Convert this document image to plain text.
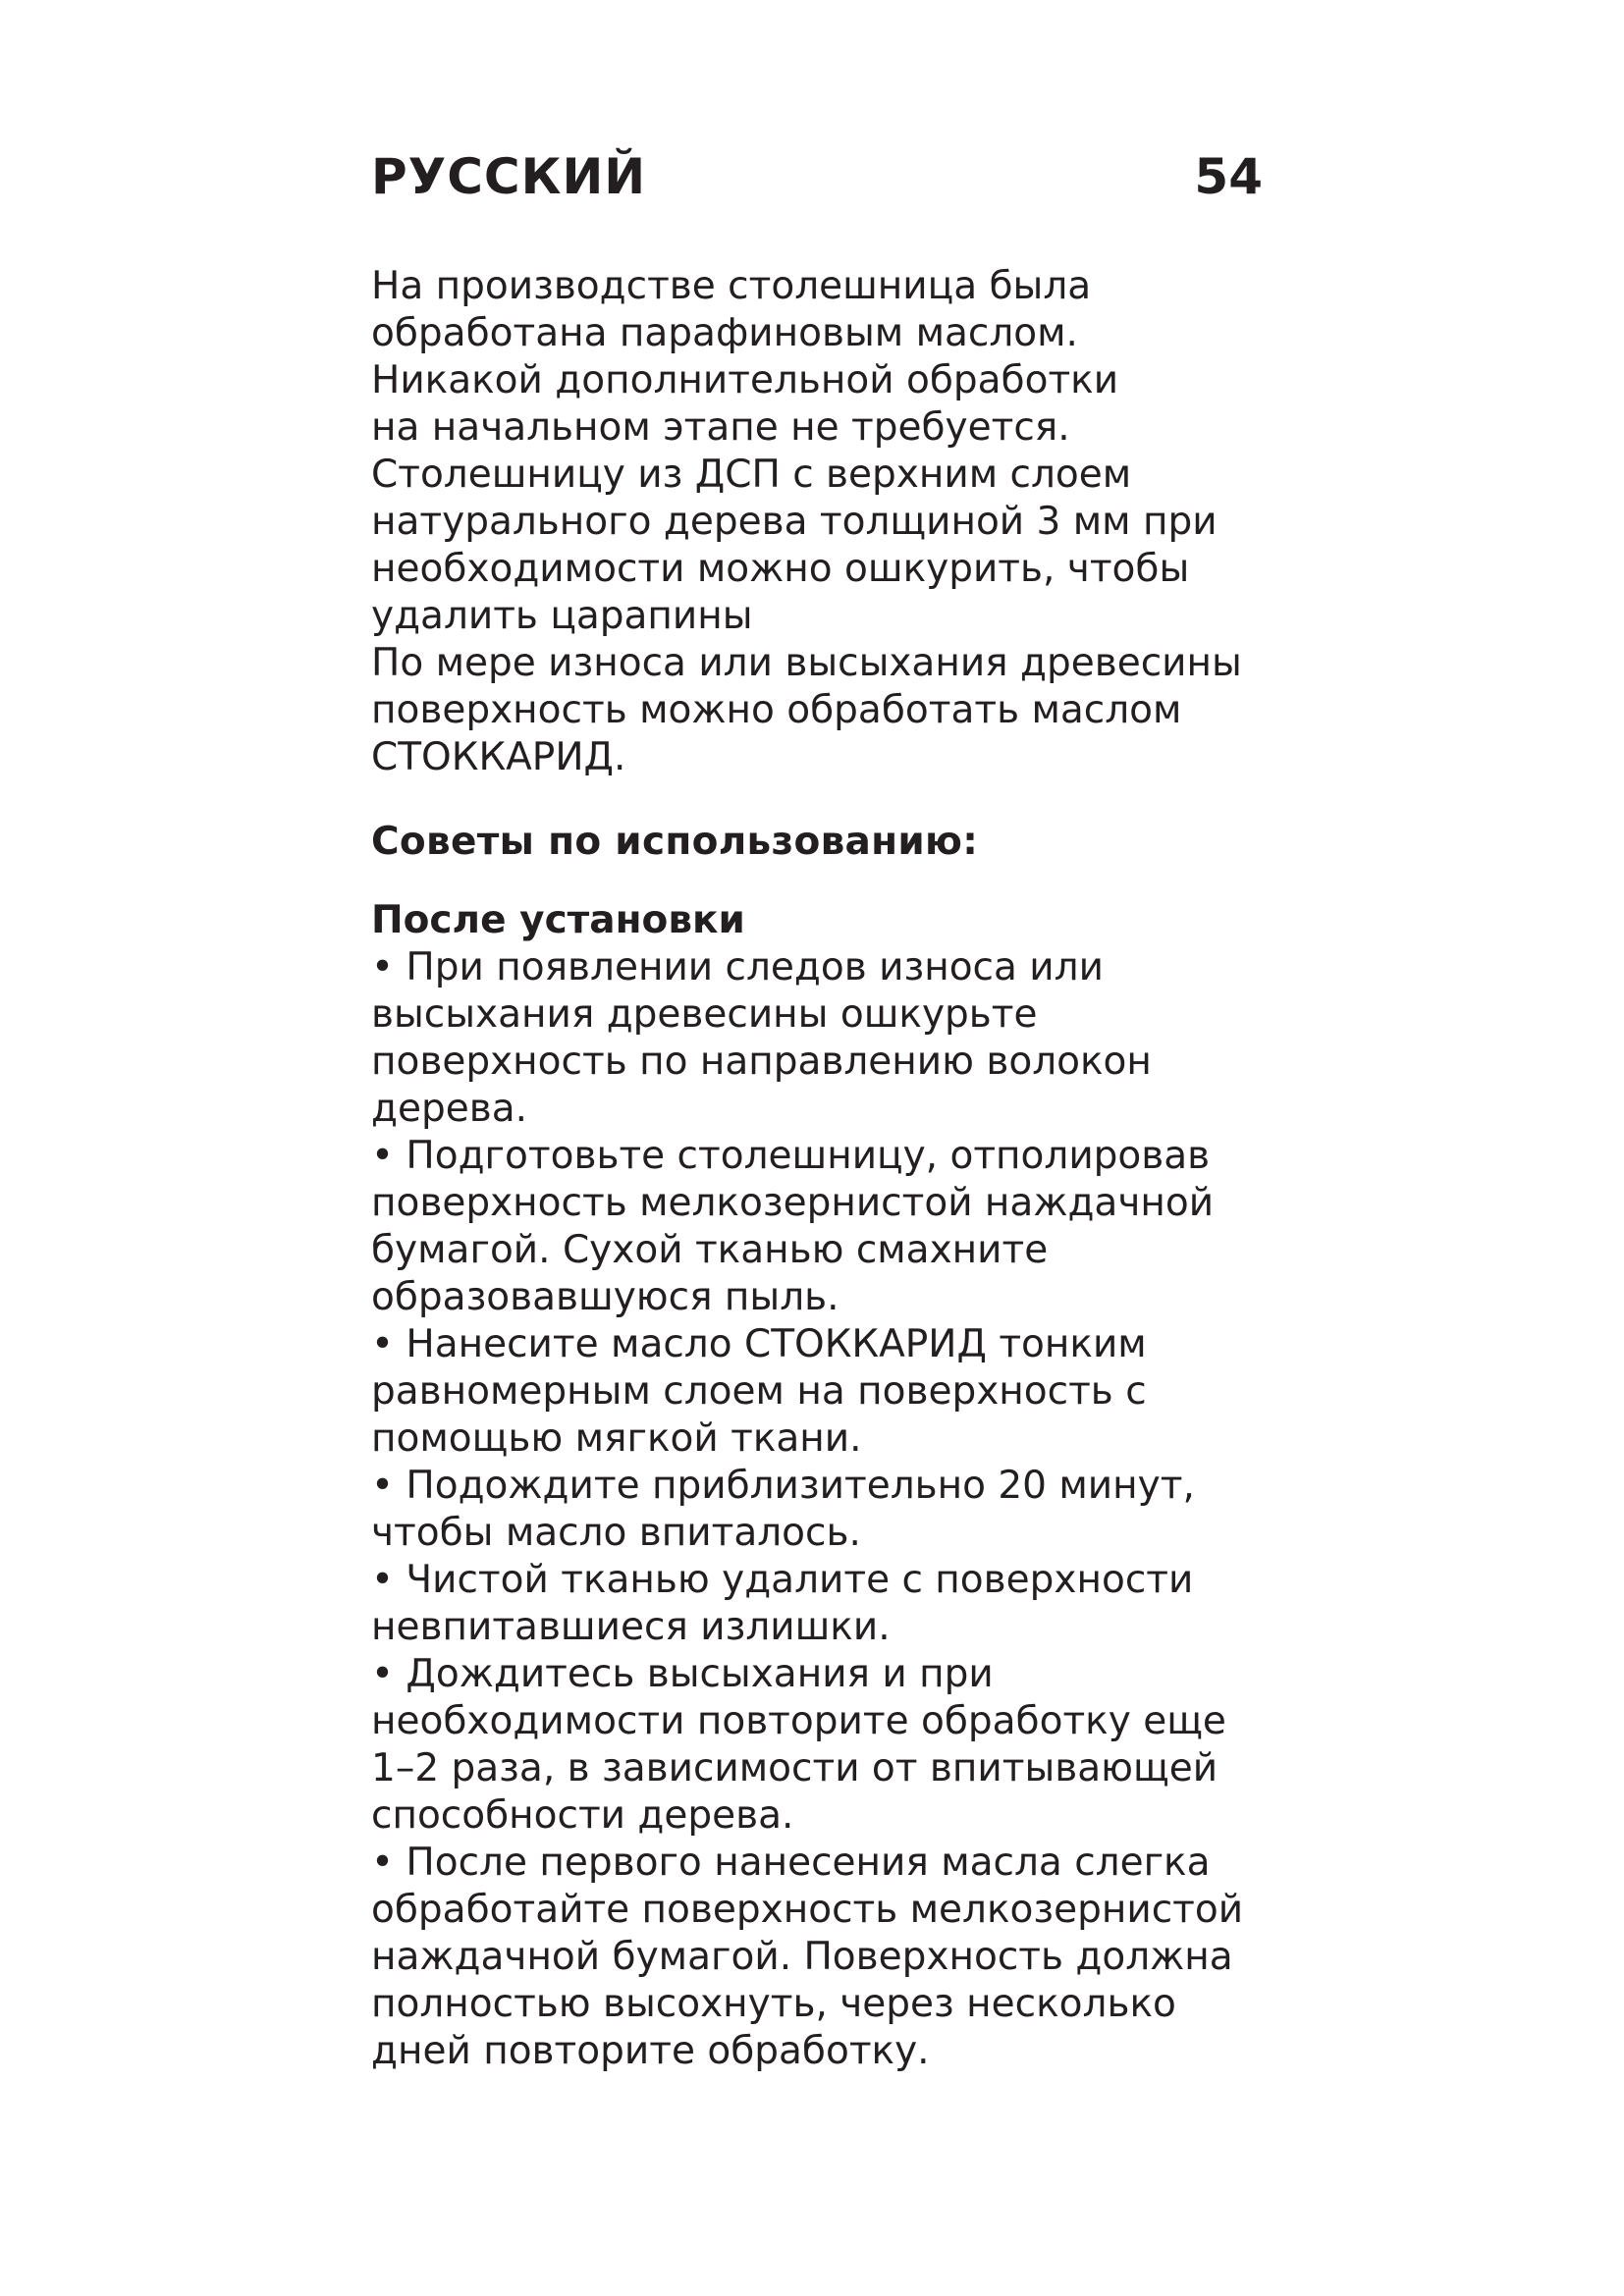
РУССКИЙ	54
На производстве столешница была
обработана парафиновым маслом.
Никакой дополнительной обработки
на начальном этапе не требуется.
Столешницу из ДСП с верхним слоем
натурального дерева толщиной 3 мм при
необходимости можно ошкурить, чтобы
удалить царапины
По мере износа или высыхания древесины
поверхность можно обработать маслом
СТОККАРИД.
Советы по использованию:
После установки
• При появлении следов износа или
высыхания древесины ошкурьте
поверхность по направлению волокон
дерева.
• Подготовьте столешницу, отполировав
поверхность мелкозернистой наждачной
бумагой. Сухой тканью смахните
образовавшуюся пыль.
• Нанесите масло СТОККАРИД тонким
равномерным слоем на поверхность с
помощью мягкой ткани.
• Подождите приблизительно 20 минут,
чтобы масло впиталось.
• Чистой тканью удалите с поверхности
невпитавшиеся излишки.
• Дождитесь высыхания и при
необходимости повторите обработку еще
1–2 раза, в зависимости от впитывающей
способности дерева.
• После первого нанесения масла слегка
обработайте поверхность мелкозернистой
наждачной бумагой. Поверхность должна
полностью высохнуть, через несколько
дней повторите обработку.
